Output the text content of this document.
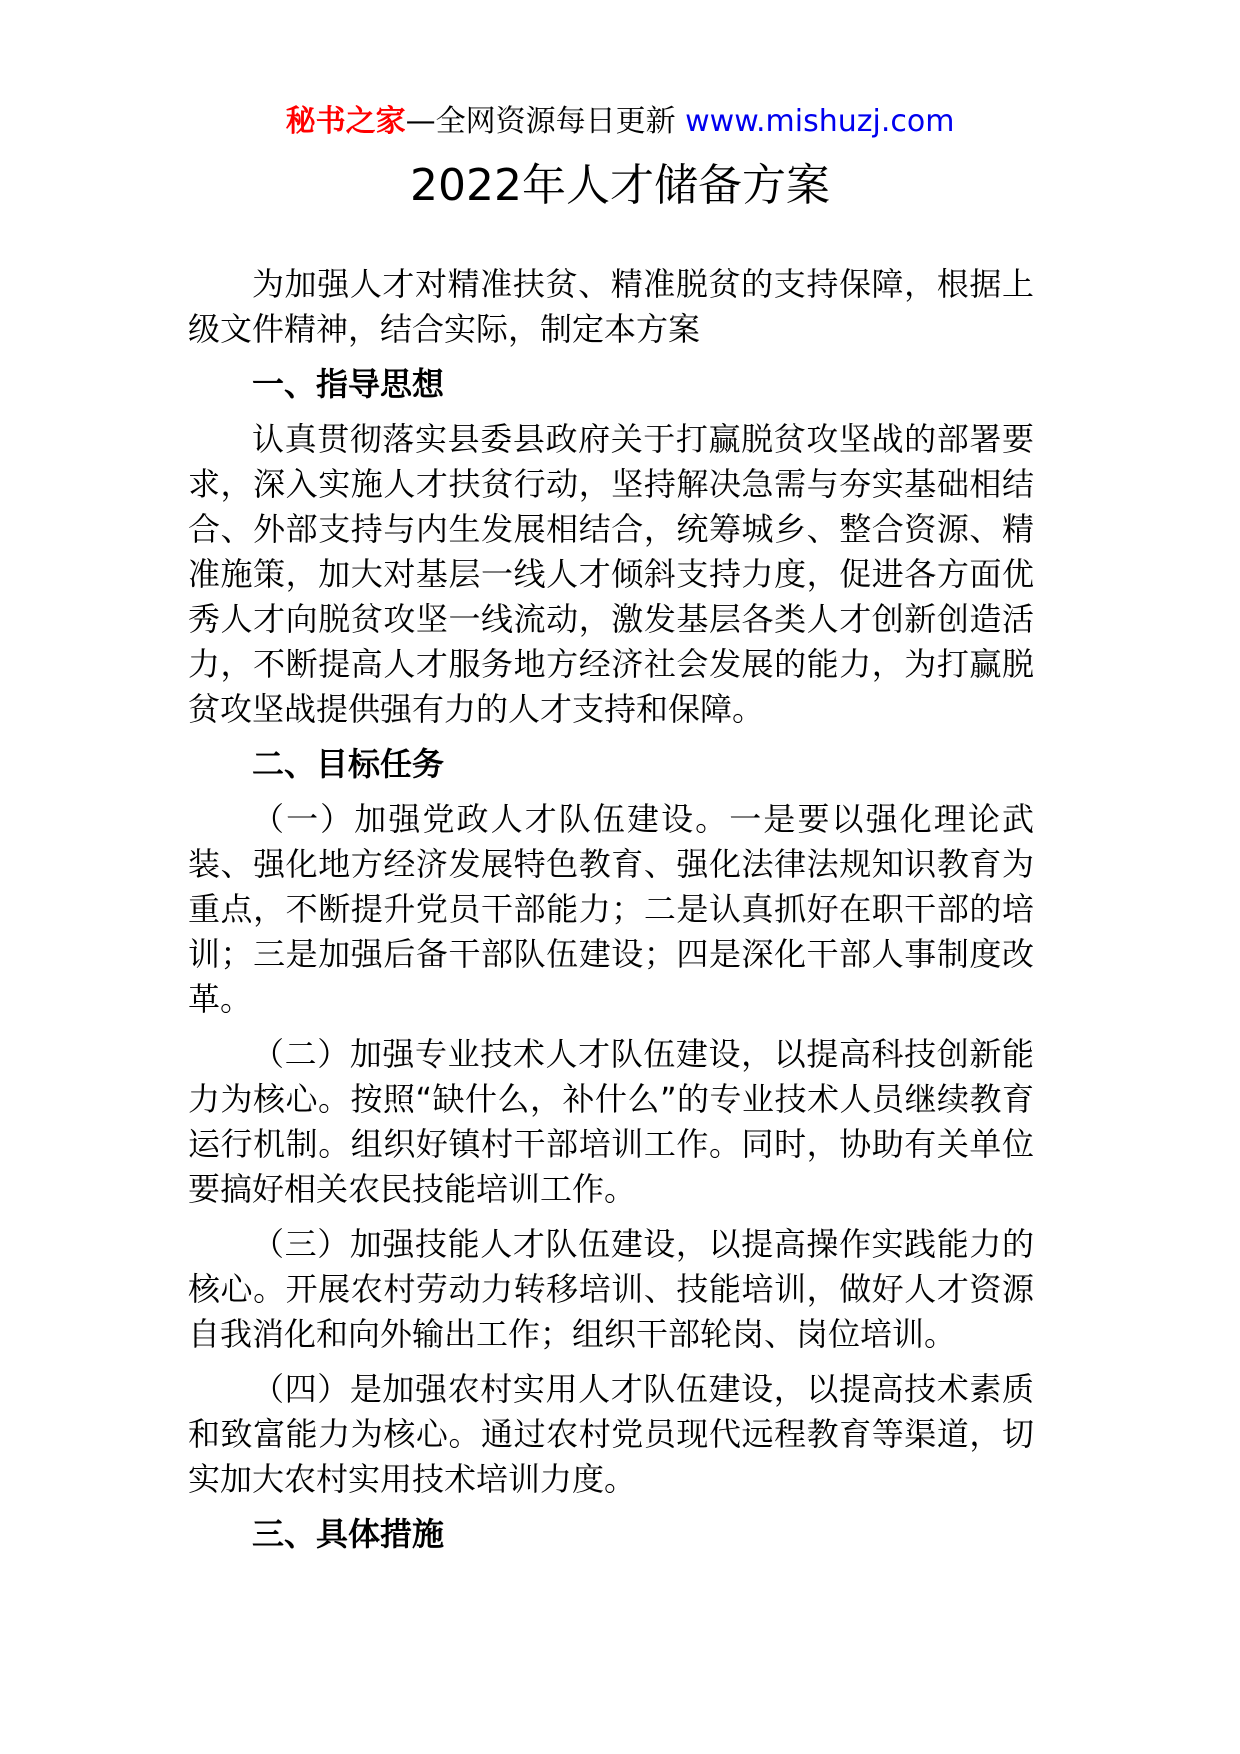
秘书之家—全网资源每日更新 www.mishuzj.com
2022年人才储备方案

为加强人才对精准扶贫、精准脱贫的支持保障，根据上级文件精神，结合实际，制定本方案

一、指导思想

认真贯彻落实县委县政府关于打赢脱贫攻坚战的部署要求，深入实施人才扶贫行动，坚持解决急需与夯实基础相结合、外部支持与内生发展相结合，统筹城乡、整合资源、精准施策，加大对基层一线人才倾斜支持力度，促进各方面优秀人才向脱贫攻坚一线流动，激发基层各类人才创新创造活力，不断提高人才服务地方经济社会发展的能力，为打赢脱贫攻坚战提供强有力的人才支持和保障。

二、目标任务

（一）加强党政人才队伍建设。一是要以强化理论武装、强化地方经济发展特色教育、强化法律法规知识教育为重点，不断提升党员干部能力；二是认真抓好在职干部的培训；三是加强后备干部队伍建设；四是深化干部人事制度改革。

（二）加强专业技术人才队伍建设，以提高科技创新能力为核心。按照“缺什么，补什么”的专业技术人员继续教育运行机制。组织好镇村干部培训工作。同时，协助有关单位要搞好相关农民技能培训工作。

（三）加强技能人才队伍建设，以提高操作实践能力的核心。开展农村劳动力转移培训、技能培训，做好人才资源自我消化和向外输出工作；组织干部轮岗、岗位培训。

（四）是加强农村实用人才队伍建设，以提高技术素质和致富能力为核心。通过农村党员现代远程教育等渠道，切实加大农村实用技术培训力度。

三、具体措施
